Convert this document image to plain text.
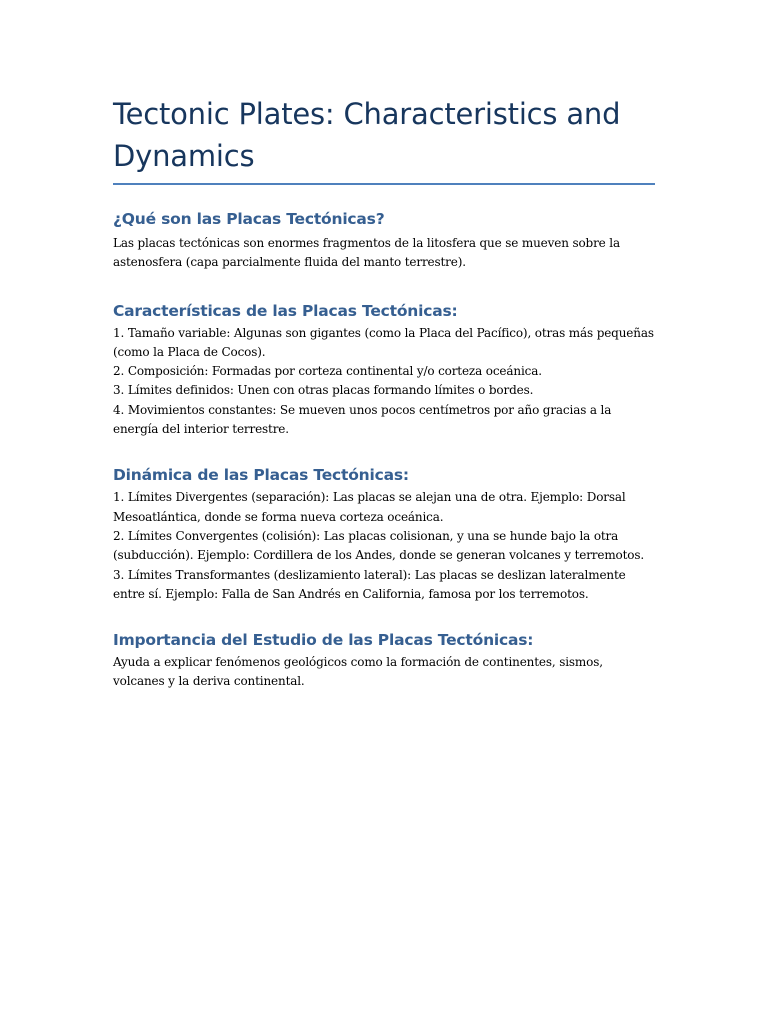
Tectonic Plates: Characteristics and Dynamics
¿Qué son las Placas Tectónicas?

Las placas tectónicas son enormes fragmentos de la litosfera que se mueven sobre la astenosfera (capa parcialmente fluida del manto terrestre).

Características de las Placas Tectónicas:
1. Tamaño variable: Algunas son gigantes (como la Placa del Pacífico), otras más pequeñas (como la Placa de Cocos).
2. Composición: Formadas por corteza continental y/o corteza oceánica.
3. Límites definidos: Unen con otras placas formando límites o bordes.
4. Movimientos constantes: Se mueven unos pocos centímetros por año gracias a la energía del interior terrestre.
Dinámica de las Placas Tectónicas:
1. Límites Divergentes (separación): Las placas se alejan una de otra. Ejemplo: Dorsal Mesoatlántica, donde se forma nueva corteza oceánica.
2. Límites Convergentes (colisión): Las placas colisionan, y una se hunde bajo la otra (subducción). Ejemplo: Cordillera de los Andes, donde se generan volcanes y terremotos.
3. Límites Transformantes (deslizamiento lateral): Las placas se deslizan lateralmente entre sí. Ejemplo: Falla de San Andrés en California, famosa por los terremotos.
Importancia del Estudio de las Placas Tectónicas:

Ayuda a explicar fenómenos geológicos como la formación de continentes, sismos, volcanes y la deriva continental.
